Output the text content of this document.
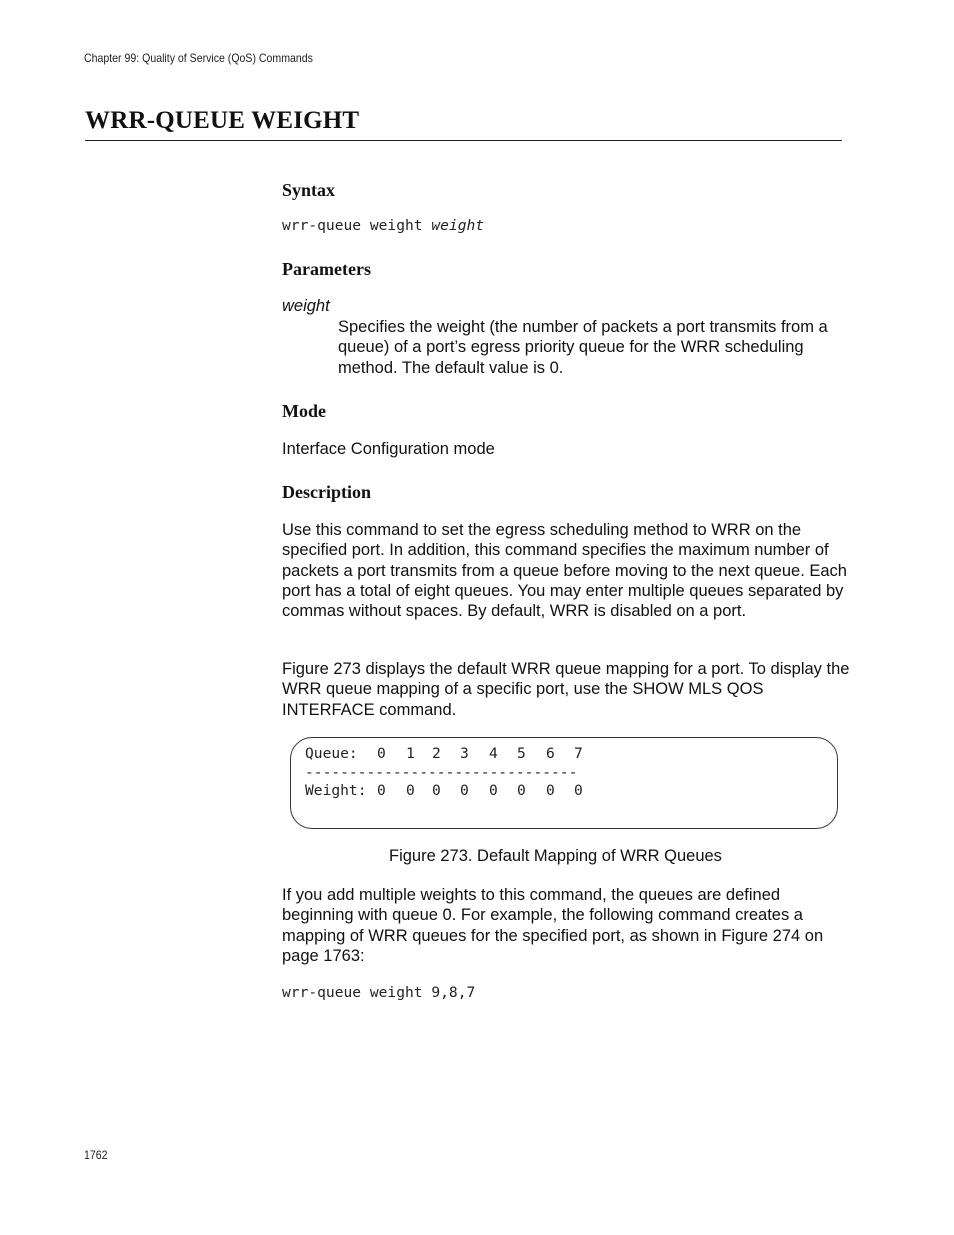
Chapter 99: Quality of Service (QoS) Commands
WRR-QUEUE WEIGHT
Syntax
wrr-queue weight weight
Parameters
weight
Specifies the weight (the number of packets a port transmits from a queue) of a port’s egress priority queue for the WRR scheduling method. The default value is 0.
Mode
Interface Configuration mode
Description
Use this command to set the egress scheduling method to WRR on the specified port. In addition, this command specifies the maximum number of packets a port transmits from a queue before moving to the next queue. Each port has a total of eight queues. You may enter multiple queues separated by commas without spaces. By default, WRR is disabled on a port.
Figure 273 displays the default WRR queue mapping for a port. To display the WRR queue mapping of a specific port, use the SHOW MLS QOS INTERFACE command.
Queue: 0 1 2 3 4 5 6 7
-------------------------------
Weight: 0 0 0 0 0 0 0 0
Figure 273. Default Mapping of WRR Queues
If you add multiple weights to this command, the queues are defined beginning with queue 0. For example, the following command creates a mapping of WRR queues for the specified port, as shown in Figure 274 on page 1763:
wrr-queue weight 9,8,7
1762
